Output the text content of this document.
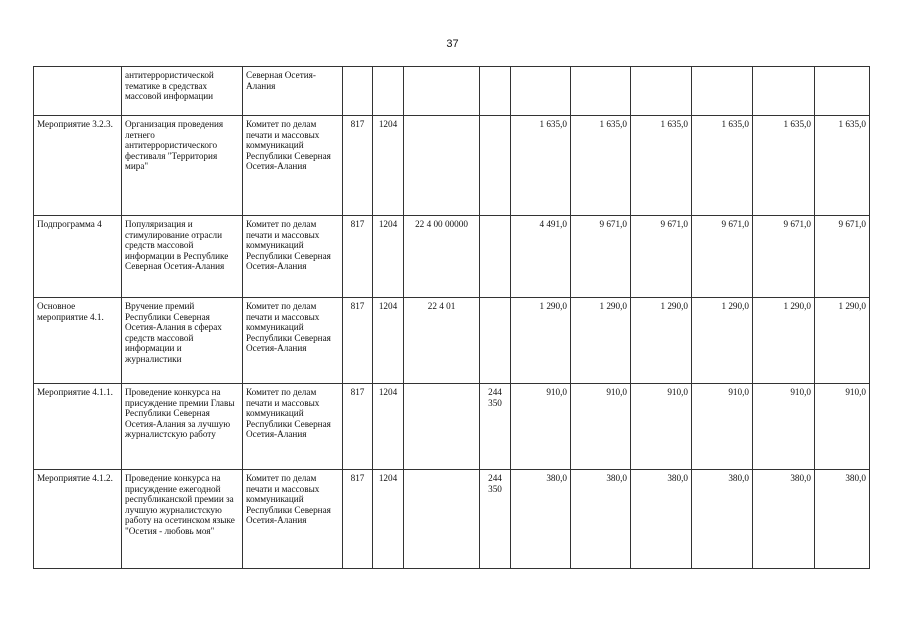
37
	антитеррористической тематике в средствах массовой информации	Северная Осетия-Алания										
Мероприятие 3.2.3.	Организация проведения летнего антитеррористического фестиваля "Территория мира"	Комитет по делам печати и массовых коммуникаций Республики Северная Осетия-Алания	817	1204			1 635,0	1 635,0	1 635,0	1 635,0	1 635,0	1 635,0
Подпрограмма 4	Популяризация и стимулирование отрасли средств массовой информации в Республике Северная Осетия-Алания	Комитет по делам печати и массовых коммуникаций Республики Северная Осетия-Алания	817	1204	22 4 00 00000		4 491,0	9 671,0	9 671,0	9 671,0	9 671,0	9 671,0
Основное мероприятие 4.1.	Вручение премий Республики Северная Осетия-Алания в сферах средств массовой информации и журналистики	Комитет по делам печати и массовых коммуникаций Республики Северная Осетия-Алания	817	1204	22 4 01		1 290,0	1 290,0	1 290,0	1 290,0	1 290,0	1 290,0
Мероприятие 4.1.1.	Проведение конкурса на присуждение премии Главы Республики Северная Осетия-Алания за лучшую журналистскую работу	Комитет по делам печати и массовых коммуникаций Республики Северная Осетия-Алания	817	1204		244 350	910,0	910,0	910,0	910,0	910,0	910,0
Мероприятие 4.1.2.	Проведение конкурса на присуждение ежегодной республиканской премии за лучшую журналистскую работу на осетинском языке "Осетия - любовь моя"	Комитет по делам печати и массовых коммуникаций Республики Северная Осетия-Алания	817	1204		244 350	380,0	380,0	380,0	380,0	380,0	380,0
